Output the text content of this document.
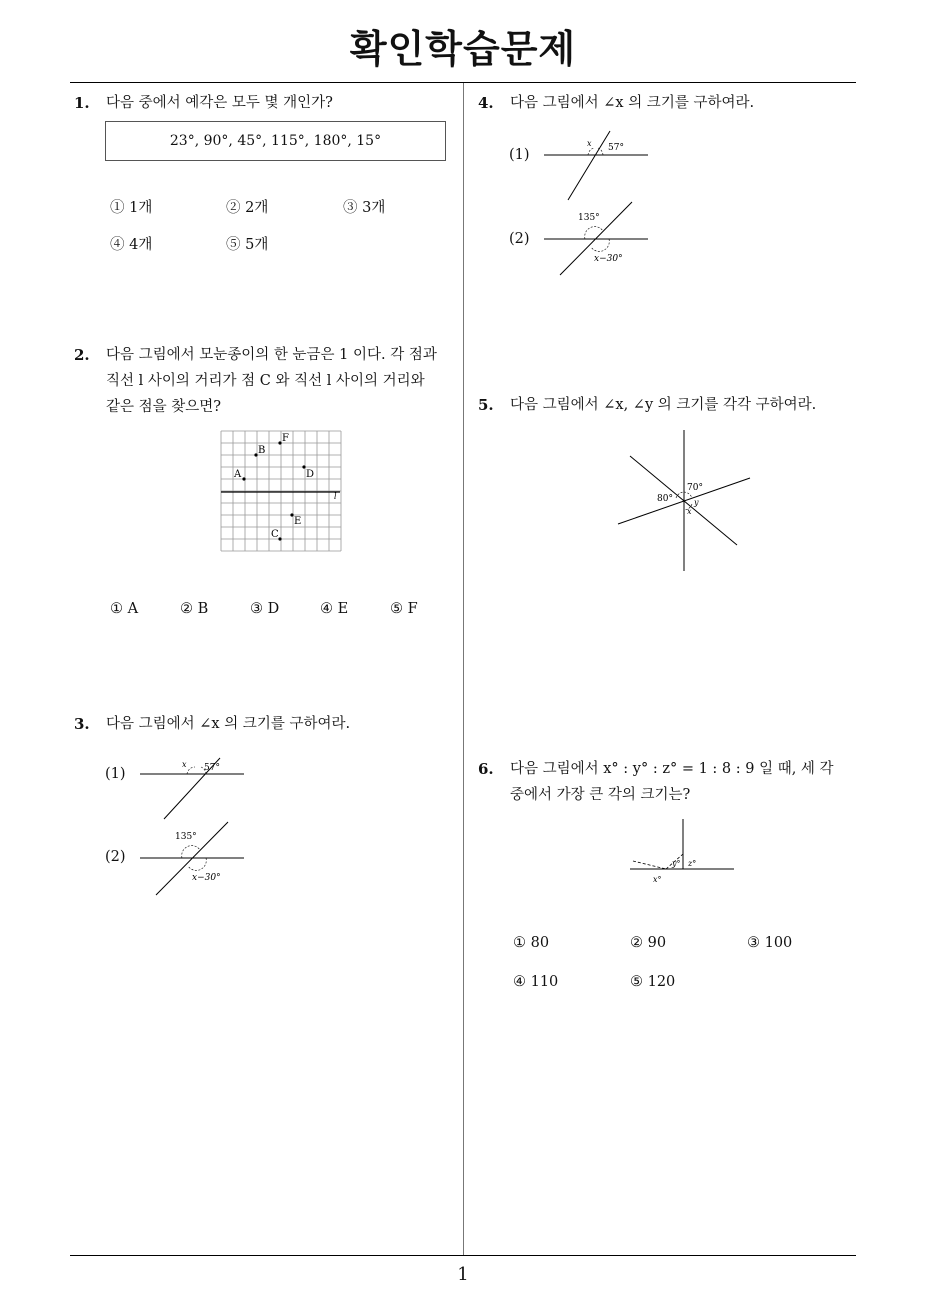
확인학습문제
1. 다음 중에서 예각은 모두 몇 개인가?
23°, 90°, 45°, 115°, 180°, 15°
① 1개	② 2개	③ 3개
④ 4개	⑤ 5개
2. 다음 그림에서 모눈종이의 한 눈금은 1 이다. 각 점과
직선 l 사이의 거리가 점 C 와 직선 l 사이의 거리와
같은 점을 찾으면?
A
B
F
D
E
C
l
① A	② B	③ D	④ E	⑤ F
3. 다음 그림에서 ∠x 의 크기를 구하여라.
(1)
x 57°
(2)
135°
x−30°
4. 다음 그림에서 ∠x 의 크기를 구하여라.
(1)
x 57°
(2)
135°
x−30°
5. 다음 그림에서 ∠x, ∠y 의 크기를 각각 구하여라.
70°
80°	y
x
6. 다음 그림에서 x° : y° : z° = 1 : 8 : 9 일 때, 세 각
중에서 가장 큰 각의 크기는?
y° z°
x°
① 80	② 90	③ 100
④ 110	⑤ 120
1
